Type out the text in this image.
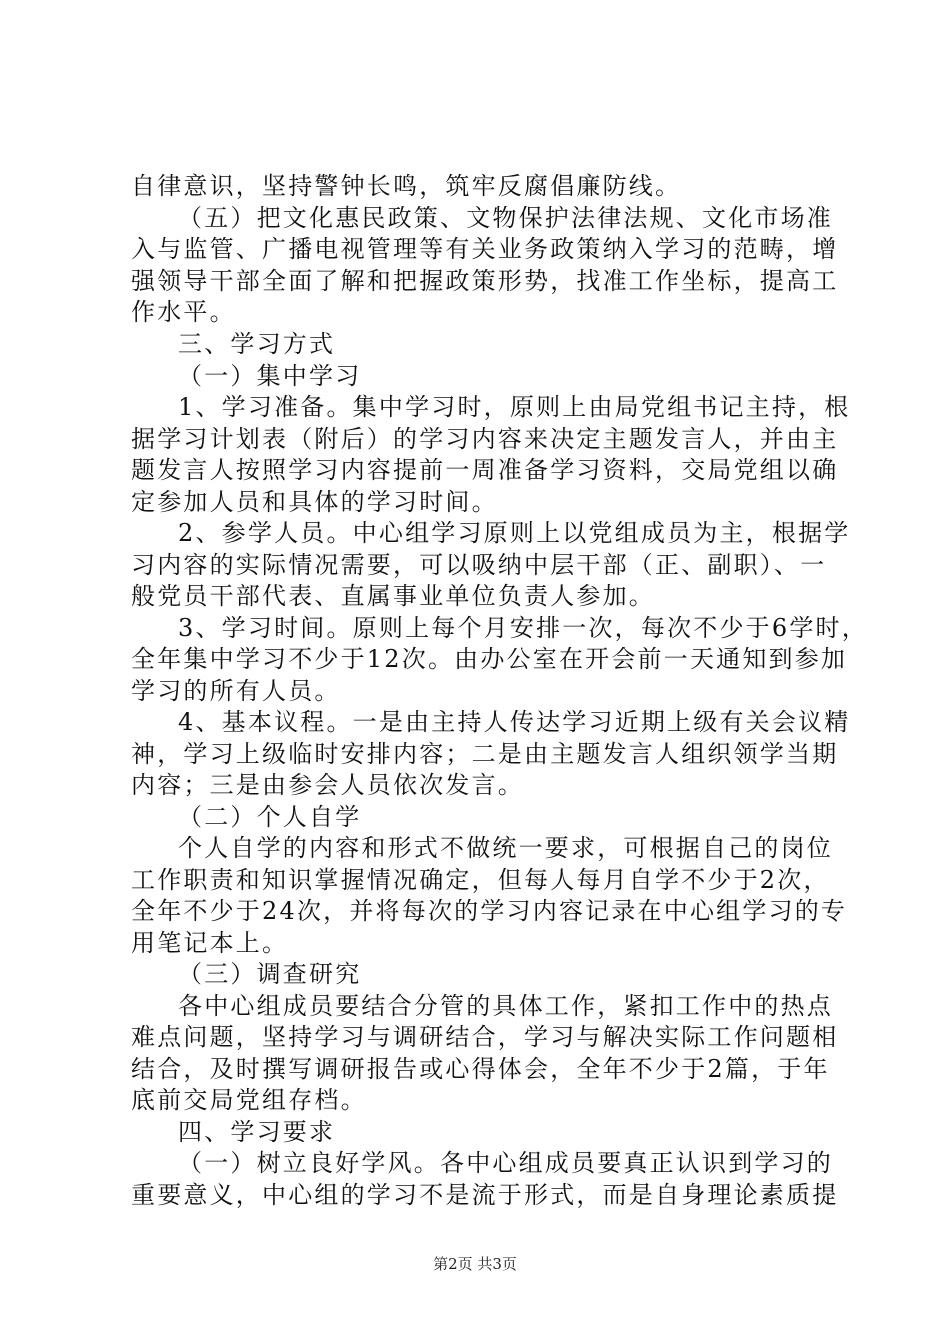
自律意识，坚持警钟长鸣，筑牢反腐倡廉防线。
（五）把文化惠民政策、文物保护法律法规、文化市场准
入与监管、广播电视管理等有关业务政策纳入学习的范畴，增
强领导干部全面了解和把握政策形势，找准工作坐标，提高工
作水平。
三、学习方式
（一）集中学习
1、学习准备。集中学习时，原则上由局党组书记主持，根
据学习计划表（附后）的学习内容来决定主题发言人，并由主
题发言人按照学习内容提前一周准备学习资料，交局党组以确
定参加人员和具体的学习时间。
2、参学人员。中心组学习原则上以党组成员为主，根据学
习内容的实际情况需要，可以吸纳中层干部（正、副职）、一
般党员干部代表、直属事业单位负责人参加。
3、学习时间。原则上每个月安排一次，每次不少于6学时，
全年集中学习不少于12次。由办公室在开会前一天通知到参加
学习的所有人员。
4、基本议程。一是由主持人传达学习近期上级有关会议精
神，学习上级临时安排内容；二是由主题发言人组织领学当期
内容；三是由参会人员依次发言。
（二）个人自学
个人自学的内容和形式不做统一要求，可根据自己的岗位
工作职责和知识掌握情况确定，但每人每月自学不少于2次，
全年不少于24次，并将每次的学习内容记录在中心组学习的专
用笔记本上。
（三）调查研究
各中心组成员要结合分管的具体工作，紧扣工作中的热点
难点问题，坚持学习与调研结合，学习与解决实际工作问题相
结合，及时撰写调研报告或心得体会，全年不少于2篇，于年
底前交局党组存档。
四、学习要求
（一）树立良好学风。各中心组成员要真正认识到学习的
重要意义，中心组的学习不是流于形式，而是自身理论素质提
第2页 共3页
